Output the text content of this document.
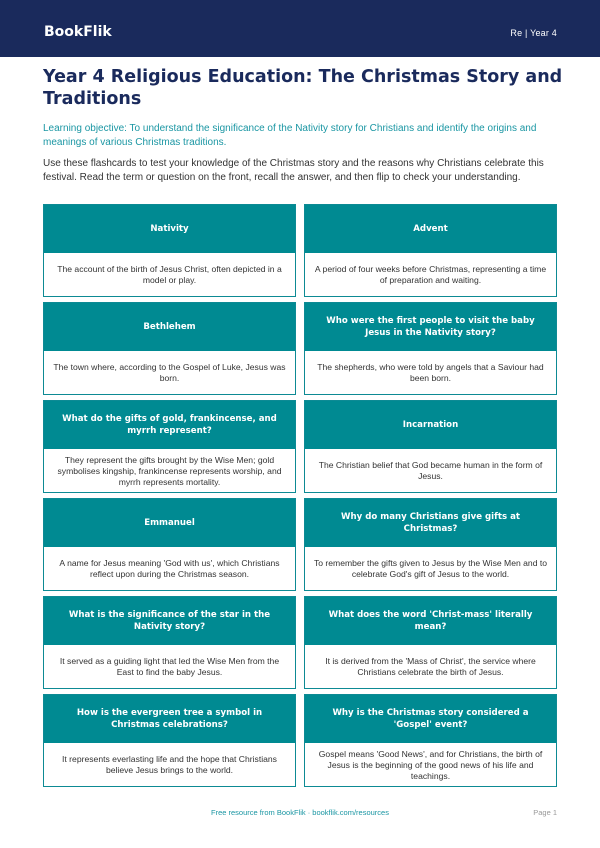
BookFlik	Re | Year 4
Year 4 Religious Education: The Christmas Story and Traditions

Learning objective: To understand the significance of the Nativity story for Christians and identify the origins and meanings of various Christmas traditions.

Use these flashcards to test your knowledge of the Christmas story and the reasons why Christians celebrate this festival. Read the term or question on the front, recall the answer, and then flip to check your understanding.

Nativity
The account of the birth of Jesus Christ, often depicted in a model or play.
Advent
A period of four weeks before Christmas, representing a time of preparation and waiting.
Bethlehem
The town where, according to the Gospel of Luke, Jesus was born.
Who were the first people to visit the baby Jesus in the Nativity story?
The shepherds, who were told by angels that a Saviour had been born.
What do the gifts of gold, frankincense, and myrrh represent?
They represent the gifts brought by the Wise Men; gold symbolises kingship, frankincense represents worship, and myrrh represents mortality.
Incarnation
The Christian belief that God became human in the form of Jesus.
Emmanuel
A name for Jesus meaning 'God with us', which Christians reflect upon during the Christmas season.
Why do many Christians give gifts at Christmas?
To remember the gifts given to Jesus by the Wise Men and to celebrate God's gift of Jesus to the world.
What is the significance of the star in the Nativity story?
It served as a guiding light that led the Wise Men from the East to find the baby Jesus.
What does the word 'Christ-mass' literally mean?
It is derived from the 'Mass of Christ', the service where Christians celebrate the birth of Jesus.
How is the evergreen tree a symbol in Christmas celebrations?
It represents everlasting life and the hope that Christians believe Jesus brings to the world.
Why is the Christmas story considered a 'Gospel' event?
Gospel means 'Good News', and for Christians, the birth of Jesus is the beginning of the good news of his life and teachings.
Free resource from BookFlik · bookflik.com/resources	Page 1
